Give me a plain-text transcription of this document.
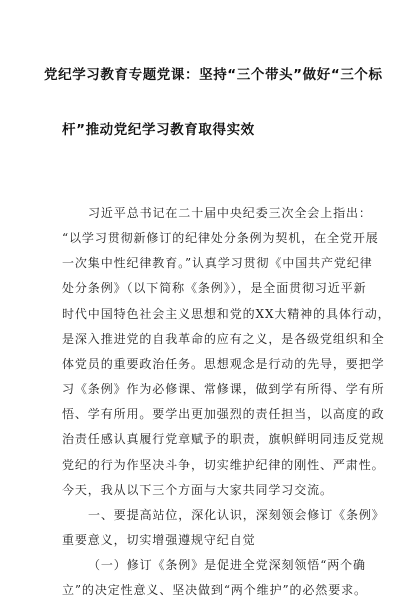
党纪学习教育专题党课：坚持“三个带头”做好“三个标
杆”推动党纪学习教育取得实效
习近平总书记在二十届中央纪委三次全会上指出：
“以学习贯彻新修订的纪律处分条例为契机，在全党开展
一次集中性纪律教育。”认真学习贯彻《中国共产党纪律
处分条例》（以下简称《条例》），是全面贯彻习近平新
时代中国特色社会主义思想和党的XX大精神的具体行动，
是深入推进党的自我革命的应有之义，是各级党组织和全
体党员的重要政治任务。思想观念是行动的先导，要把学
习《条例》作为必修课、常修课，做到学有所得、学有所
悟、学有所用。要学出更加强烈的责任担当，以高度的政
治责任感认真履行党章赋予的职责，旗帜鲜明同违反党规
党纪的行为作坚决斗争，切实维护纪律的刚性、严肃性。
今天，我从以下三个方面与大家共同学习交流。
一、要提高站位，深化认识，深刻领会修订《条例》
重要意义，切实增强遵规守纪自觉
（一）修订《条例》是促进全党深刻领悟“两个确
立”的决定性意义、坚决做到“两个维护”的必然要求。
